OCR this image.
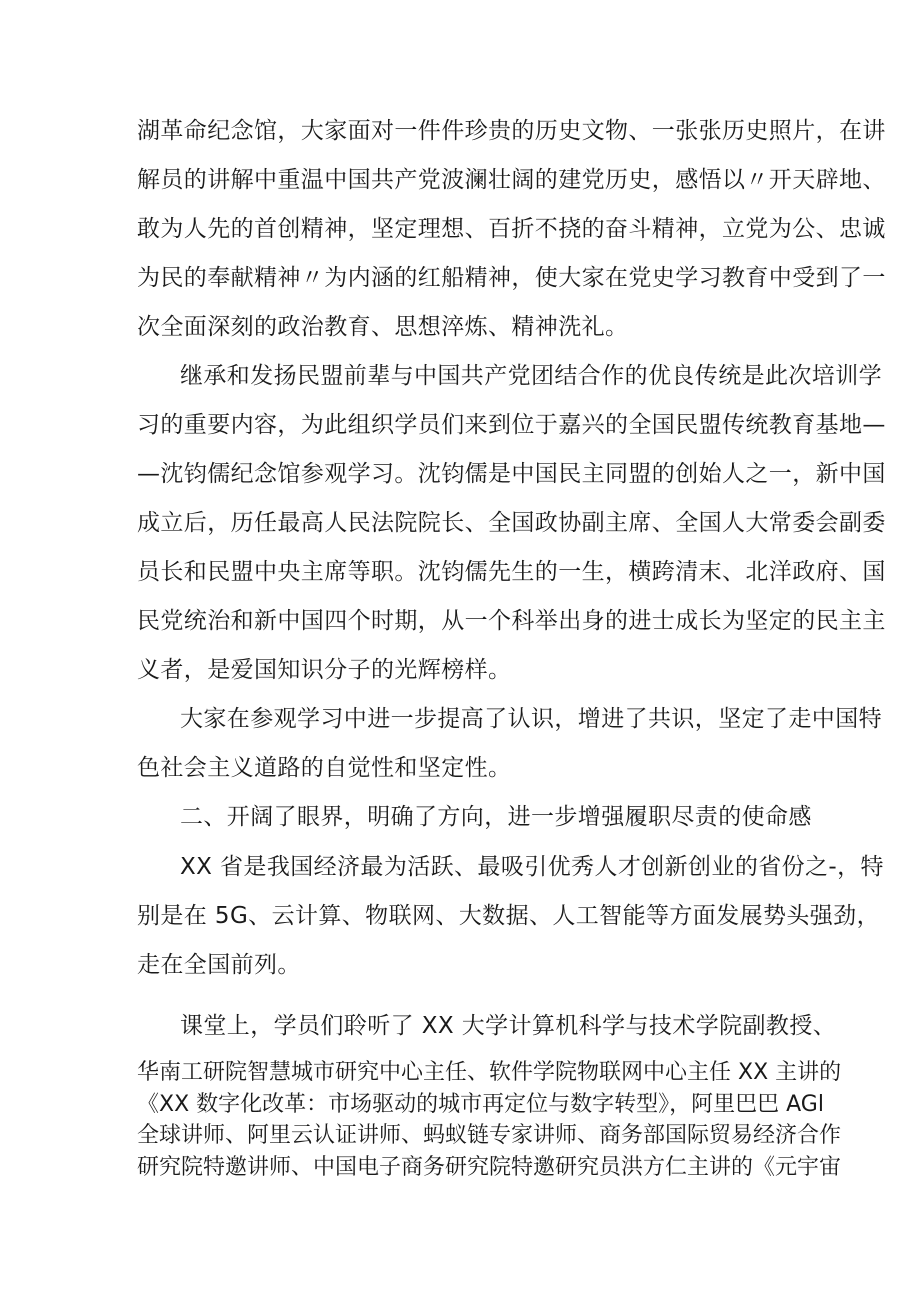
湖革命纪念馆，大家面对一件件珍贵的历史文物、一张张历史照片，在讲

解员的讲解中重温中国共产党波澜壮阔的建党历史，感悟以〃开天辟地、

敢为人先的首创精神，坚定理想、百折不挠的奋斗精神，立党为公、忠诚

为民的奉献精神〃为内涵的红船精神，使大家在党史学习教育中受到了一

次全面深刻的政治教育、思想淬炼、精神洗礼。

继承和发扬民盟前辈与中国共产党团结合作的优良传统是此次培训学

习的重要内容，为此组织学员们来到位于嘉兴的全国民盟传统教育基地—

—沈钧儒纪念馆参观学习。沈钧儒是中国民主同盟的创始人之一，新中国

成立后，历任最高人民法院院长、全国政协副主席、全国人大常委会副委

员长和民盟中央主席等职。沈钧儒先生的一生，横跨清末、北洋政府、国

民党统治和新中国四个时期，从一个科举出身的进士成长为坚定的民主主

义者，是爱国知识分子的光辉榜样。

大家在参观学习中进一步提高了认识，增进了共识，坚定了走中国特

色社会主义道路的自觉性和坚定性。

二、开阔了眼界，明确了方向，进一步增强履职尽责的使命感

XX 省是我国经济最为活跃、最吸引优秀人才创新创业的省份之-，特

别是在 5G、云计算、物联网、大数据、人工智能等方面发展势头强劲，

走在全国前列。

课堂上，学员们聆听了 XX 大学计算机科学与技术学院副教授、

华南工研院智慧城市研究中心主任、软件学院物联网中心主任 XX 主讲的

《XX 数字化改革：市场驱动的城市再定位与数字转型》，阿里巴巴 AGl

全球讲师、阿里云认证讲师、蚂蚁链专家讲师、商务部国际贸易经济合作

研究院特邀讲师、中国电子商务研究院特邀研究员洪方仁主讲的《元宇宙
